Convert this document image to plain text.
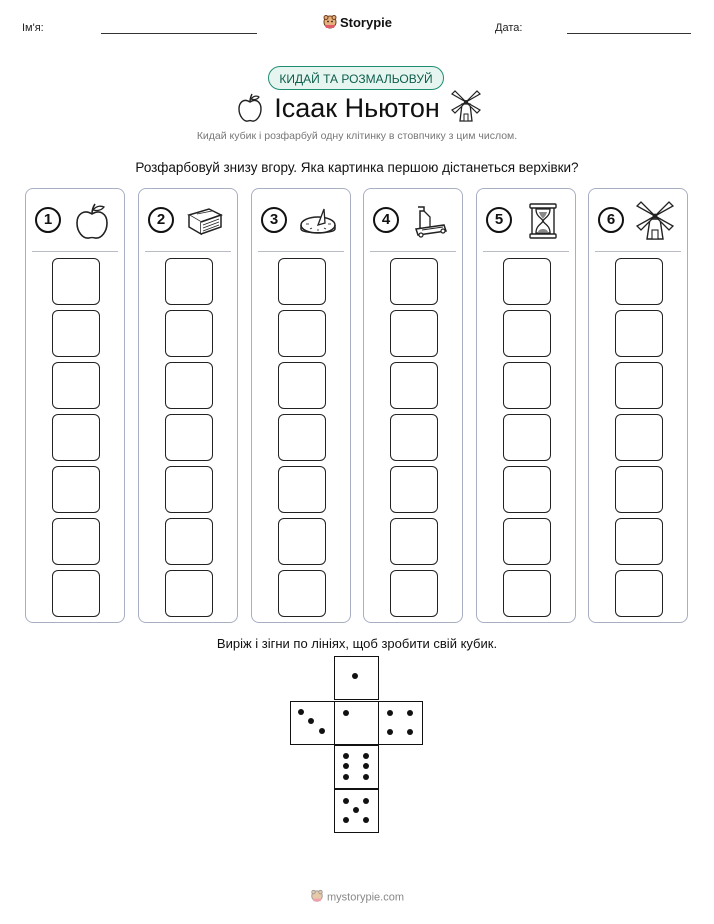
Ім'я:	Дата:
Storypie
КИДАЙ ТА РОЗМАЛЬОВУЙ
Ісаак Ньютон
Кидай кубик і розфарбуй одну клітинку в стовпчику з цим числом.
Розфарбовуй знизу вгору. Яка картинка першою дістанеться верхівки?
1	2	3	4	5	6
Виріж і зігни по лініях, щоб зробити свій кубик.
mystorypie.com
